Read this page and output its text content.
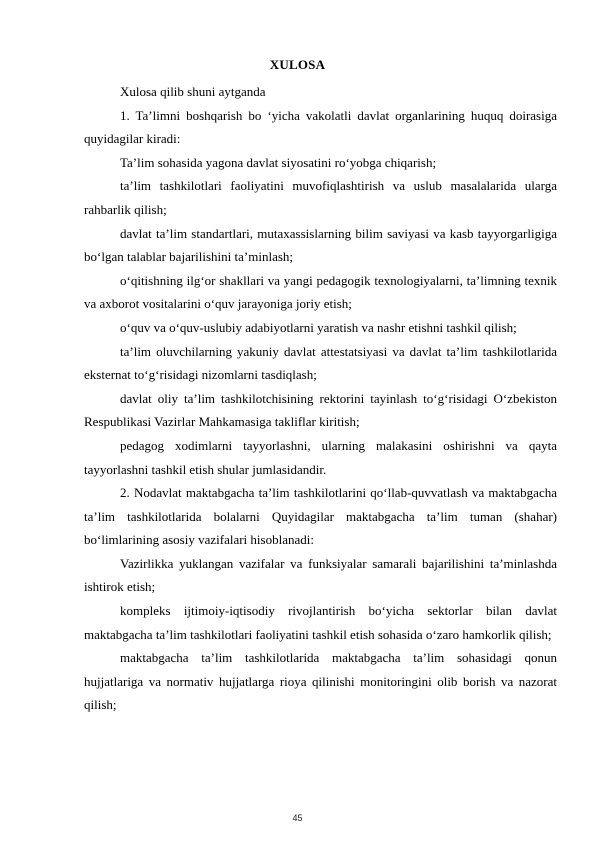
XULOSA

Xulosa qilib shuni aytganda

1. Ta’limni boshqarish bo ‘yicha vakolatli davlat organlarining huquq doirasiga quyidagilar kiradi:

Ta’lim sohasida yagona davlat siyosatini ro‘yobga chiqarish;

ta’lim tashkilotlari faoliyatini muvofiqlashtirish va uslub masalalarida ularga rahbarlik qilish;

davlat ta’lim standartlari, mutaxassislarning bilim saviyasi va kasb tayyorgarligiga bo‘lgan talablar bajarilishini ta’minlash;

o‘qitishning ilg‘or shakllari va yangi pedagogik texnologiyalarni, ta’limning texnik va axborot vositalarini o‘quv jarayoniga joriy etish;

o‘quv va o‘quv-uslubiy adabiyotlarni yaratish va nashr etishni tashkil qilish;

ta’lim oluvchilarning yakuniy davlat attestatsiyasi va davlat ta’lim tashkilotlarida eksternat to‘g‘risidagi nizomlarni tasdiqlash;

davlat oliy ta’lim tashkilotchisining rektorini tayinlash to‘g‘risidagi O‘zbekiston Respublikasi Vazirlar Mahkamasiga takliflar kiritish;

pedagog xodimlarni tayyorlashni, ularning malakasini oshirishni va qayta tayyorlashni tashkil etish shular jumlasidandir.

2. Nodavlat maktabgacha ta’lim tashkilotlarini qo‘llab-quvvatlash va maktabgacha ta’lim tashkilotlarida bolalarni Quyidagilar maktabgacha ta’lim tuman (shahar) bo‘limlarining asosiy vazifalari hisoblanadi:

Vazirlikka yuklangan vazifalar va funksiyalar samarali bajarilishini ta’minlashda ishtirok etish;

kompleks ijtimoiy-iqtisodiy rivojlantirish bo‘yicha sektorlar bilan davlat maktabgacha ta’lim tashkilotlari faoliyatini tashkil etish sohasida o‘zaro hamkorlik qilish;

maktabgacha ta’lim tashkilotlarida maktabgacha ta’lim sohasidagi qonun hujjatlariga va normativ hujjatlarga rioya qilinishi monitoringini olib borish va nazorat qilish;

45
